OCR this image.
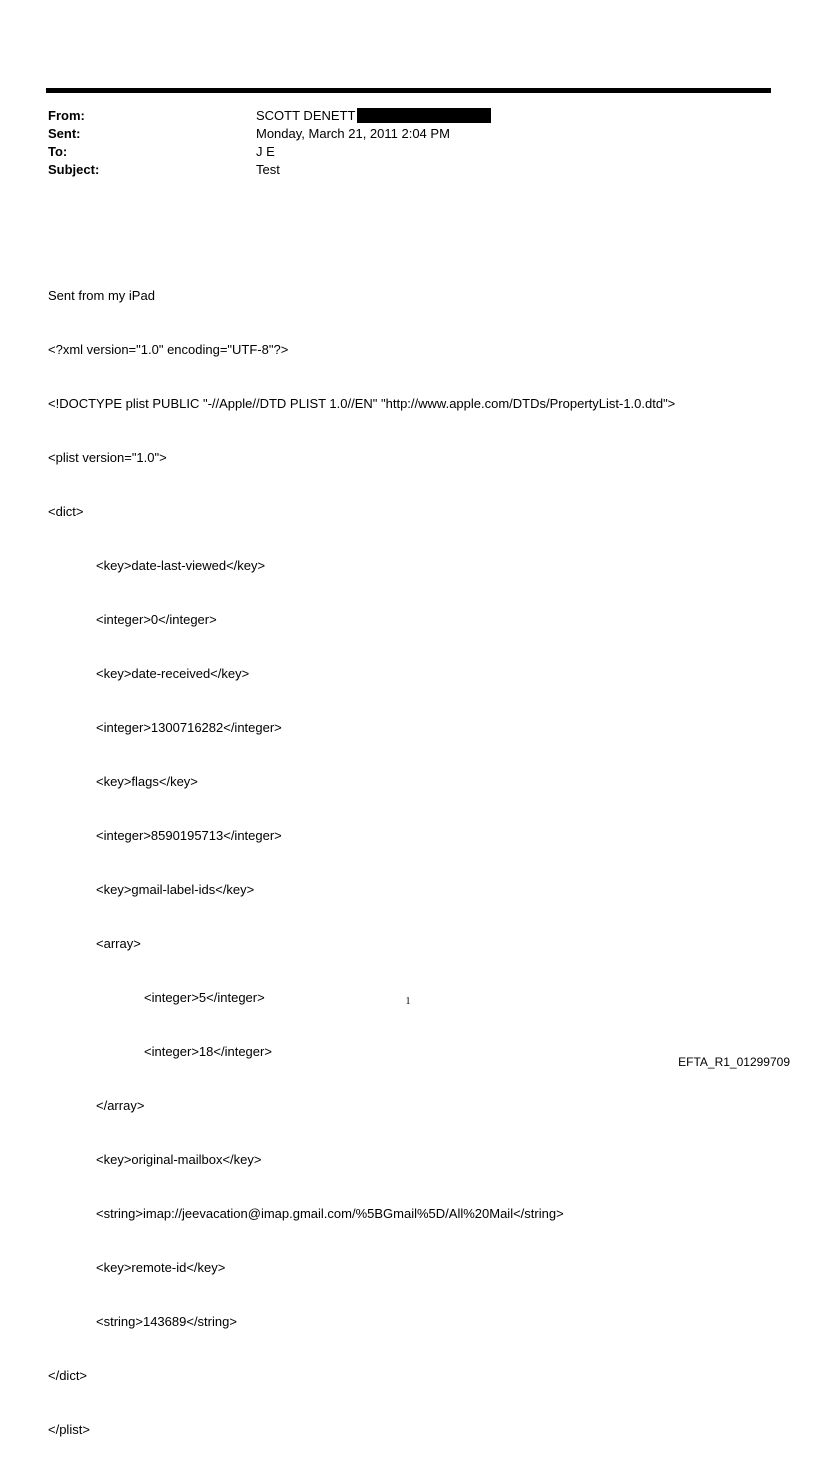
From:	SCOTT DENETT
Sent:	Monday, March 21, 2011 2:04 PM
To:	J E
Subject:	Test

Sent from my iPad

<?xml version="1.0" encoding="UTF-8"?>

<!DOCTYPE plist PUBLIC "-//Apple//DTD PLIST 1.0//EN" "http://www.apple.com/DTDs/PropertyList-1.0.dtd">

<plist version="1.0">

<dict>

<key>date-last-viewed</key>

<integer>0</integer>

<key>date-received</key>

<integer>1300716282</integer>

<key>flags</key>

<integer>8590195713</integer>

<key>gmail-label-ids</key>

<array>

<integer>5</integer>

<integer>18</integer>

</array>

<key>original-mailbox</key>

<string>imap://jeevacation@imap.gmail.com/%5BGmail%5D/All%20Mail</string>

<key>remote-id</key>

<string>143689</string>

</dict>

</plist>

1
EFTA_R1_01299709
